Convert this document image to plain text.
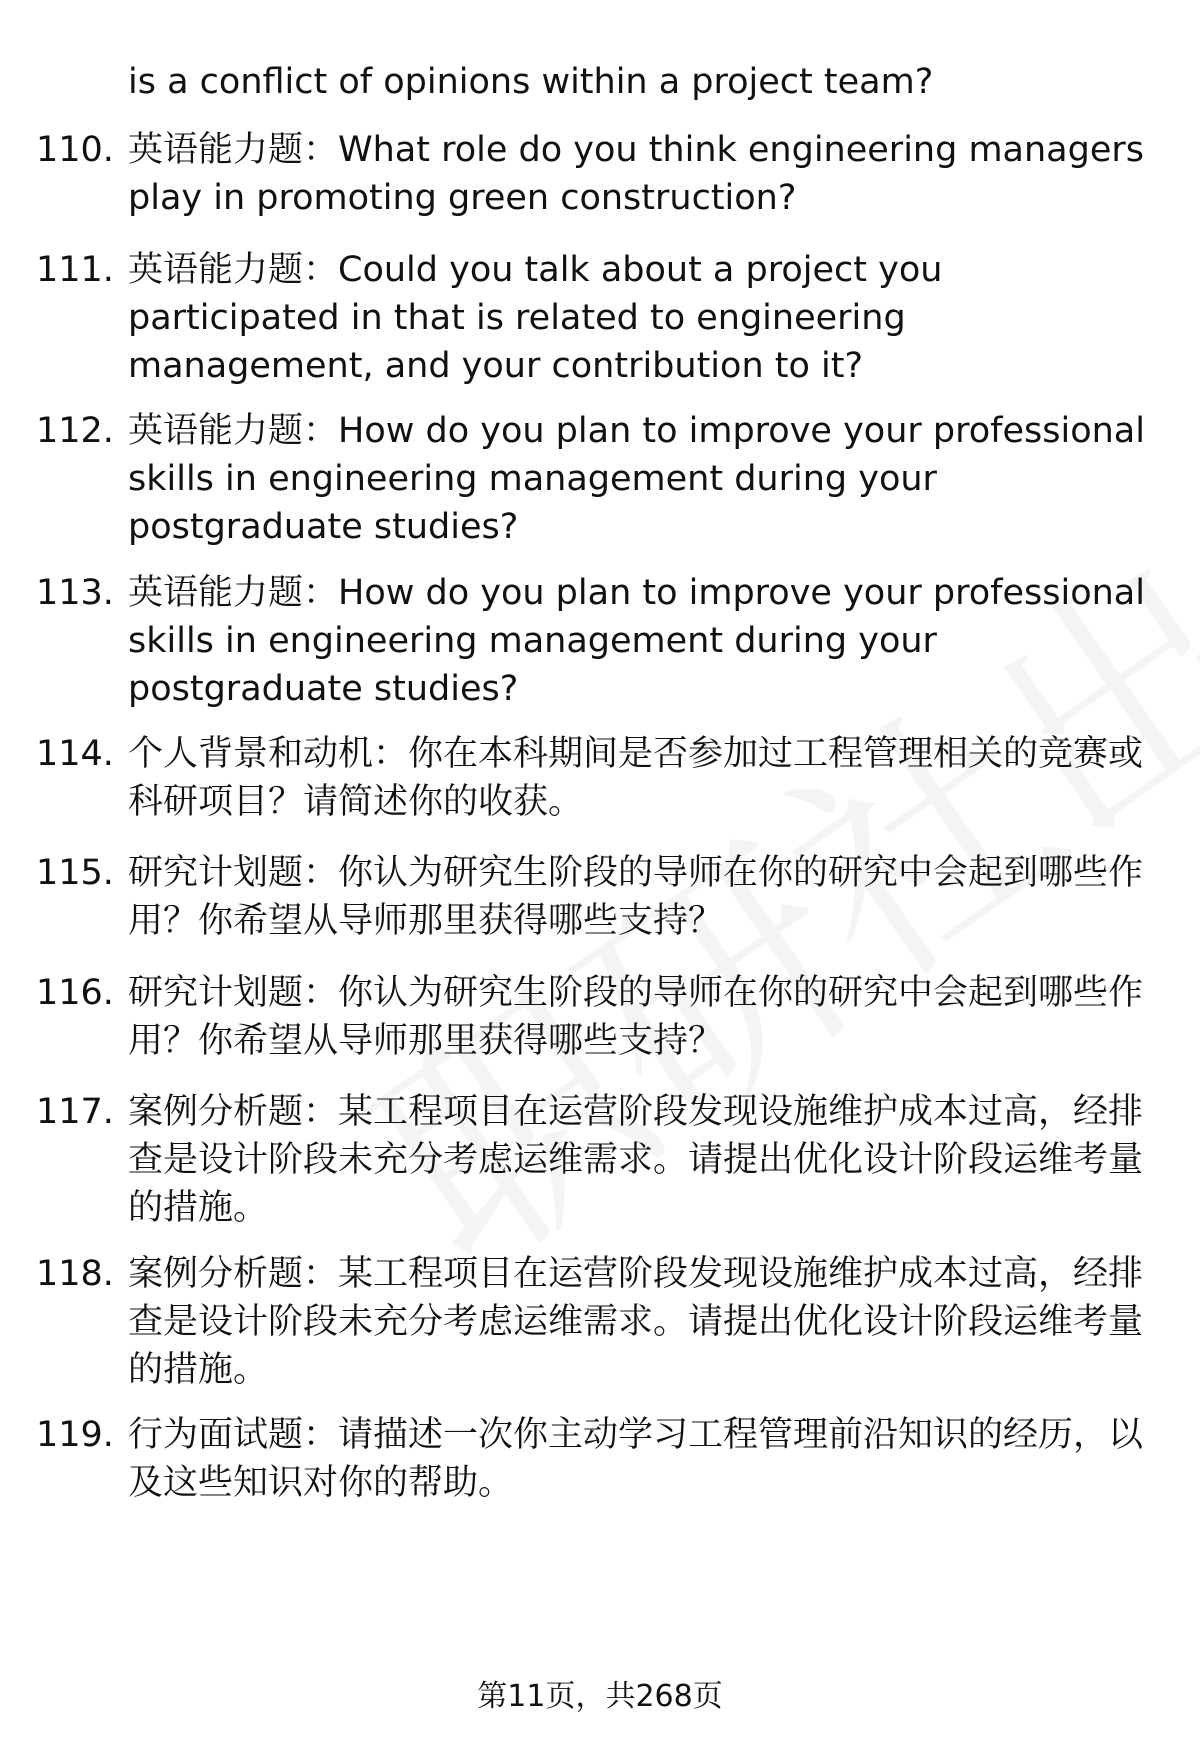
is a conflict of opinions within a project team?
110. 英语能力题：What role do you think engineering managers play in promoting green construction?
111. 英语能力题：Could you talk about a project you participated in that is related to engineering management, and your contribution to it?
112. 英语能力题：How do you plan to improve your professional skills in engineering management during your postgraduate studies?
113. 英语能力题：How do you plan to improve your professional skills in engineering management during your postgraduate studies?
114. 个人背景和动机：你在本科期间是否参加过工程管理相关的竞赛或科研项目？请简述你的收获。
115. 研究计划题：你认为研究生阶段的导师在你的研究中会起到哪些作用？你希望从导师那里获得哪些支持？
116. 研究计划题：你认为研究生阶段的导师在你的研究中会起到哪些作用？你希望从导师那里获得哪些支持？
117. 案例分析题：某工程项目在运营阶段发现设施维护成本过高，经排查是设计阶段未充分考虑运维需求。请提出优化设计阶段运维考量的措施。
118. 案例分析题：某工程项目在运营阶段发现设施维护成本过高，经排查是设计阶段未充分考虑运维需求。请提出优化设计阶段运维考量的措施。
119. 行为面试题：请描述一次你主动学习工程管理前沿知识的经历，以及这些知识对你的帮助。
第11页，共268页
